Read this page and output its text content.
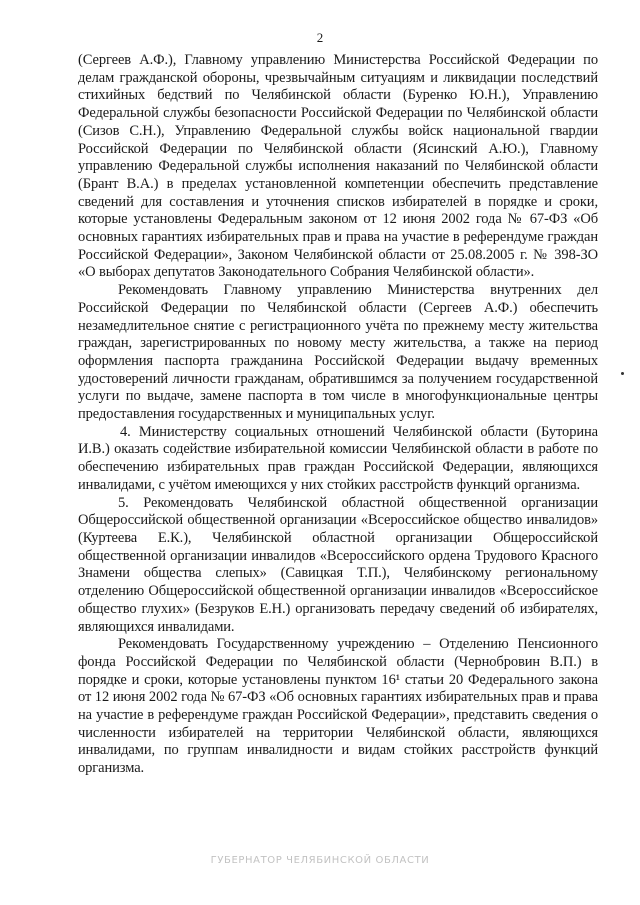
2

(Сергеев А.Ф.), Главному управлению Министерства Российской Федерации по делам гражданской обороны, чрезвычайным ситуациям и ликвидации последствий стихийных бедствий по Челябинской области (Буренко Ю.Н.), Управлению Федеральной службы безопасности Российской Федерации по Челябинской области (Сизов С.Н.), Управлению Федеральной службы войск национальной гвардии Российской Федерации по Челябинской области (Ясинский А.Ю.), Главному управлению Федеральной службы исполнения наказаний по Челябинской области (Брант В.А.) в пределах установленной компетенции обеспечить представление сведений для составления и уточнения списков избирателей в порядке и сроки, которые установлены Федеральным законом от 12 июня 2002 года № 67-ФЗ «Об основных гарантиях избирательных прав и права на участие в референдуме граждан Российской Федерации», Законом Челябинской области от 25.08.2005 г. № 398-ЗО «О выборах депутатов Законодательного Собрания Челябинской области».

Рекомендовать Главному управлению Министерства внутренних дел Российской Федерации по Челябинской области (Сергеев А.Ф.) обеспечить незамедлительное снятие с регистрационного учёта по прежнему месту жительства граждан, зарегистрированных по новому месту жительства, а также на период оформления паспорта гражданина Российской Федерации выдачу временных удостоверений личности гражданам, обратившимся за получением государственной услуги по выдаче, замене паспорта в том числе в многофункциональные центры предоставления государственных и муниципальных услуг.

4. Министерству социальных отношений Челябинской области (Буторина И.В.) оказать содействие избирательной комиссии Челябинской области в работе по обеспечению избирательных прав граждан Российской Федерации, являющихся инвалидами, с учётом имеющихся у них стойких расстройств функций организма.

5. Рекомендовать Челябинской областной общественной организации Общероссийской общественной организации «Всероссийское общество инвалидов» (Куртеева Е.К.), Челябинской областной организации Общероссийской общественной организации инвалидов «Всероссийского ордена Трудового Красного Знамени общества слепых» (Савицкая Т.П.), Челябинскому региональному отделению Общероссийской общественной организации инвалидов «Всероссийское общество глухих» (Безруков Е.Н.) организовать передачу сведений об избирателях, являющихся инвалидами.

Рекомендовать Государственному учреждению – Отделению Пенсионного фонда Российской Федерации по Челябинской области (Чернобровин В.П.) в порядке и сроки, которые установлены пунктом 16¹ статьи 20 Федерального закона от 12 июня 2002 года № 67-ФЗ «Об основных гарантиях избирательных прав и права на участие в референдуме граждан Российской Федерации», представить сведения о численности избирателей на территории Челябинской области, являющихся инвалидами, по группам инвалидности и видам стойких расстройств функций организма.

ГУБЕРНАТОР ЧЕЛЯБИНСКОЙ ОБЛАСТИ
